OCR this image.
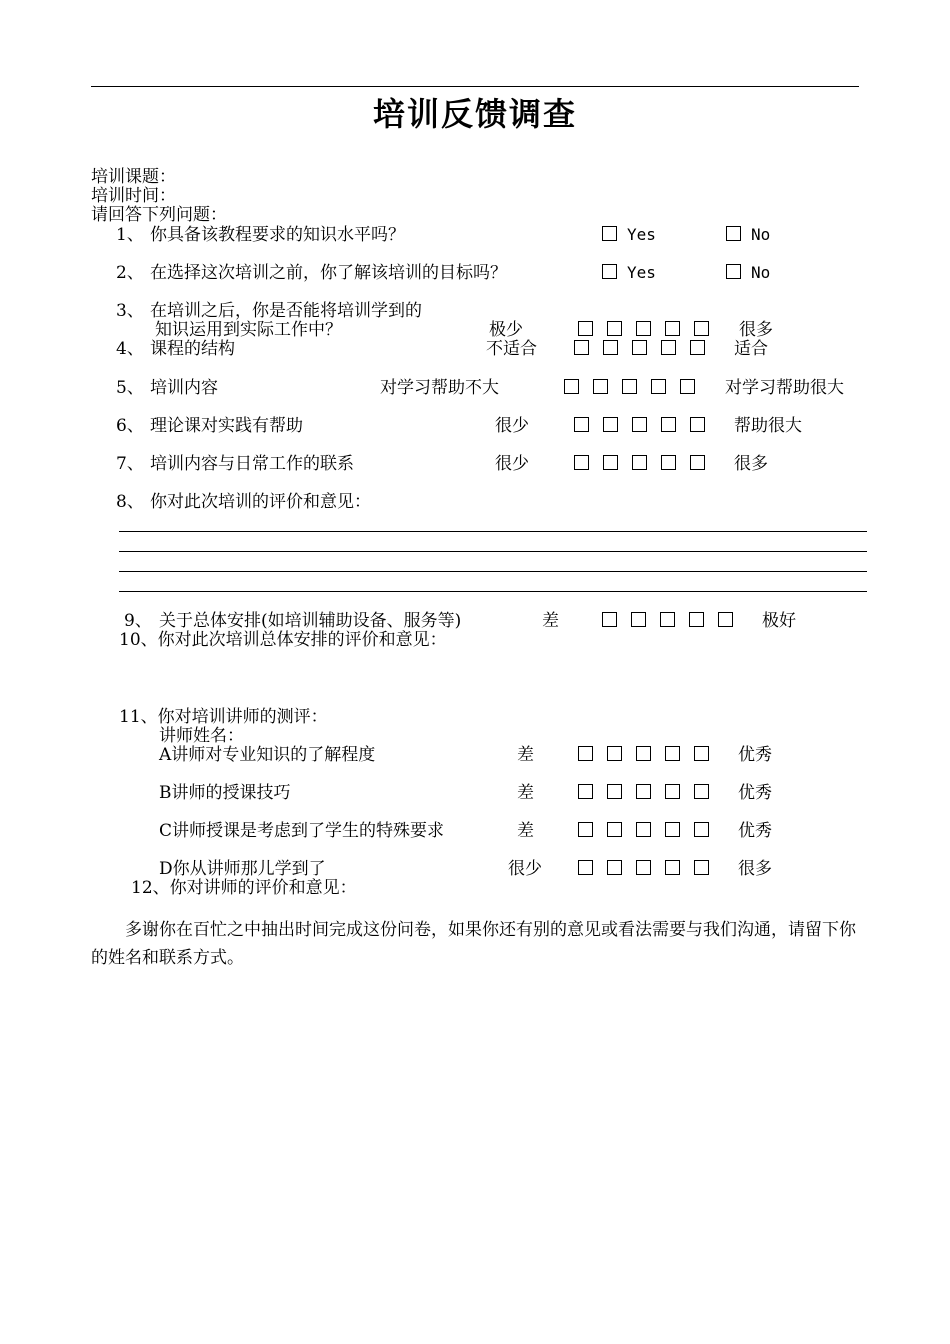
培训反馈调查
培训课题：
培训时间：
请回答下列问题：
1、 你具备该教程要求的知识水平吗？	Yes	No
2、 在选择这次培训之前，你了解该培训的目标吗？	Yes	No
3、 在培训之后，你是否能将培训学到的
知识运用到实际工作中？	极少	很多
4、 课程的结构	不适合	适合
5、 培训内容	对学习帮助不大	对学习帮助很大
6、 理论课对实践有帮助	很少	帮助很大
7、 培训内容与日常工作的联系	很少	很多
8、 你对此次培训的评价和意见：
9、 关于总体安排(如培训辅助设备、服务等)	差	极好
10、你对此次培训总体安排的评价和意见：
11、你对培训讲师的测评：
讲师姓名：
A讲师对专业知识的了解程度	差	优秀
B讲师的授课技巧	差	优秀
C讲师授课是考虑到了学生的特殊要求	差	优秀
D你从讲师那儿学到了	很少	很多
12、你对讲师的评价和意见：
多谢你在百忙之中抽出时间完成这份问卷，如果你还有别的意见或看法需要与我们沟通，请留下你的姓名和联系方式。
